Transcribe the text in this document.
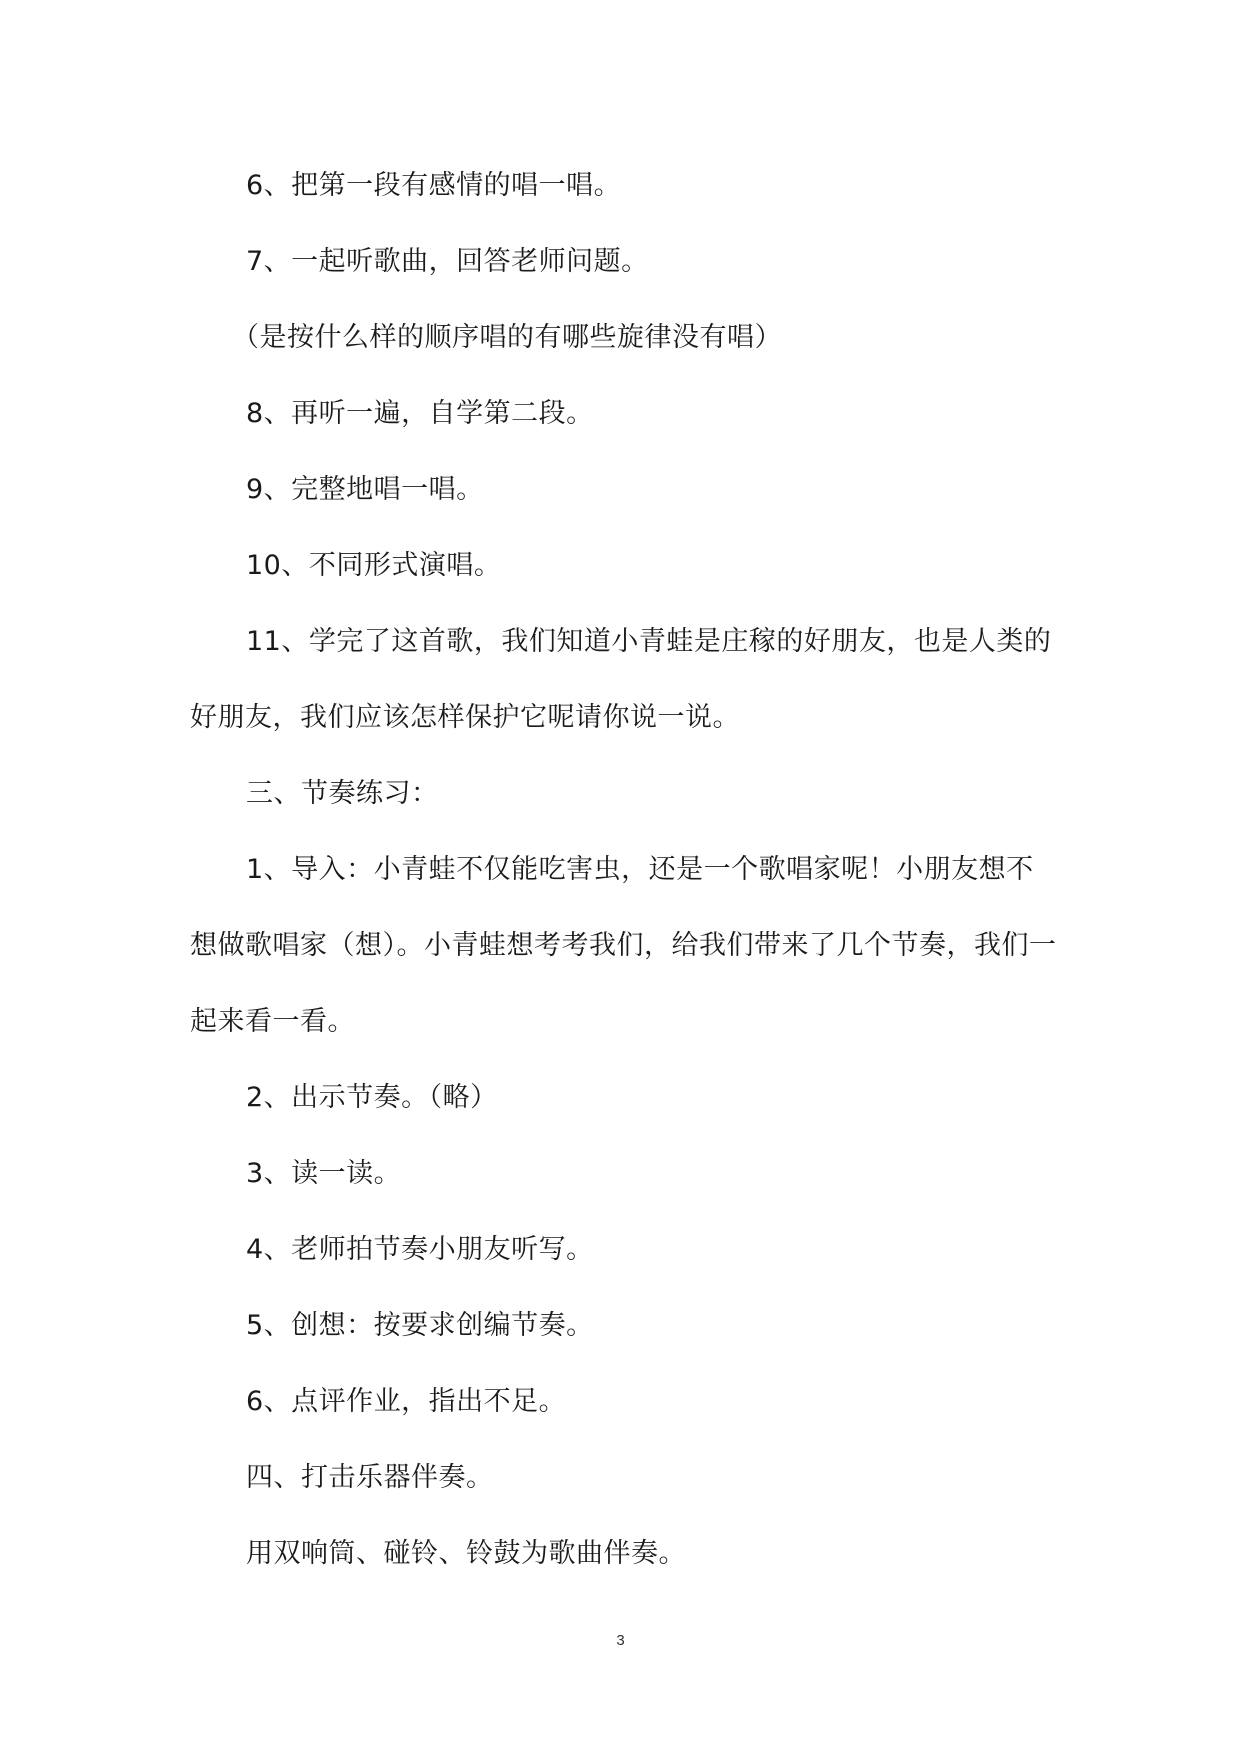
6、把第一段有感情的唱一唱。

7、一起听歌曲，回答老师问题。

（是按什么样的顺序唱的有哪些旋律没有唱）

8、再听一遍，自学第二段。

9、完整地唱一唱。

10、不同形式演唱。

11、学完了这首歌，我们知道小青蛙是庄稼的好朋友，也是人类的好朋友，我们应该怎样保护它呢请你说一说。

三、节奏练习：

1、导入：小青蛙不仅能吃害虫，还是一个歌唱家呢！小朋友想不想做歌唱家（想）。小青蛙想考考我们，给我们带来了几个节奏，我们一起来看一看。

2、出示节奏。（略）

3、读一读。

4、老师拍节奏小朋友听写。

5、创想：按要求创编节奏。

6、点评作业，指出不足。

四、打击乐器伴奏。

用双响筒、碰铃、铃鼓为歌曲伴奏。

3
